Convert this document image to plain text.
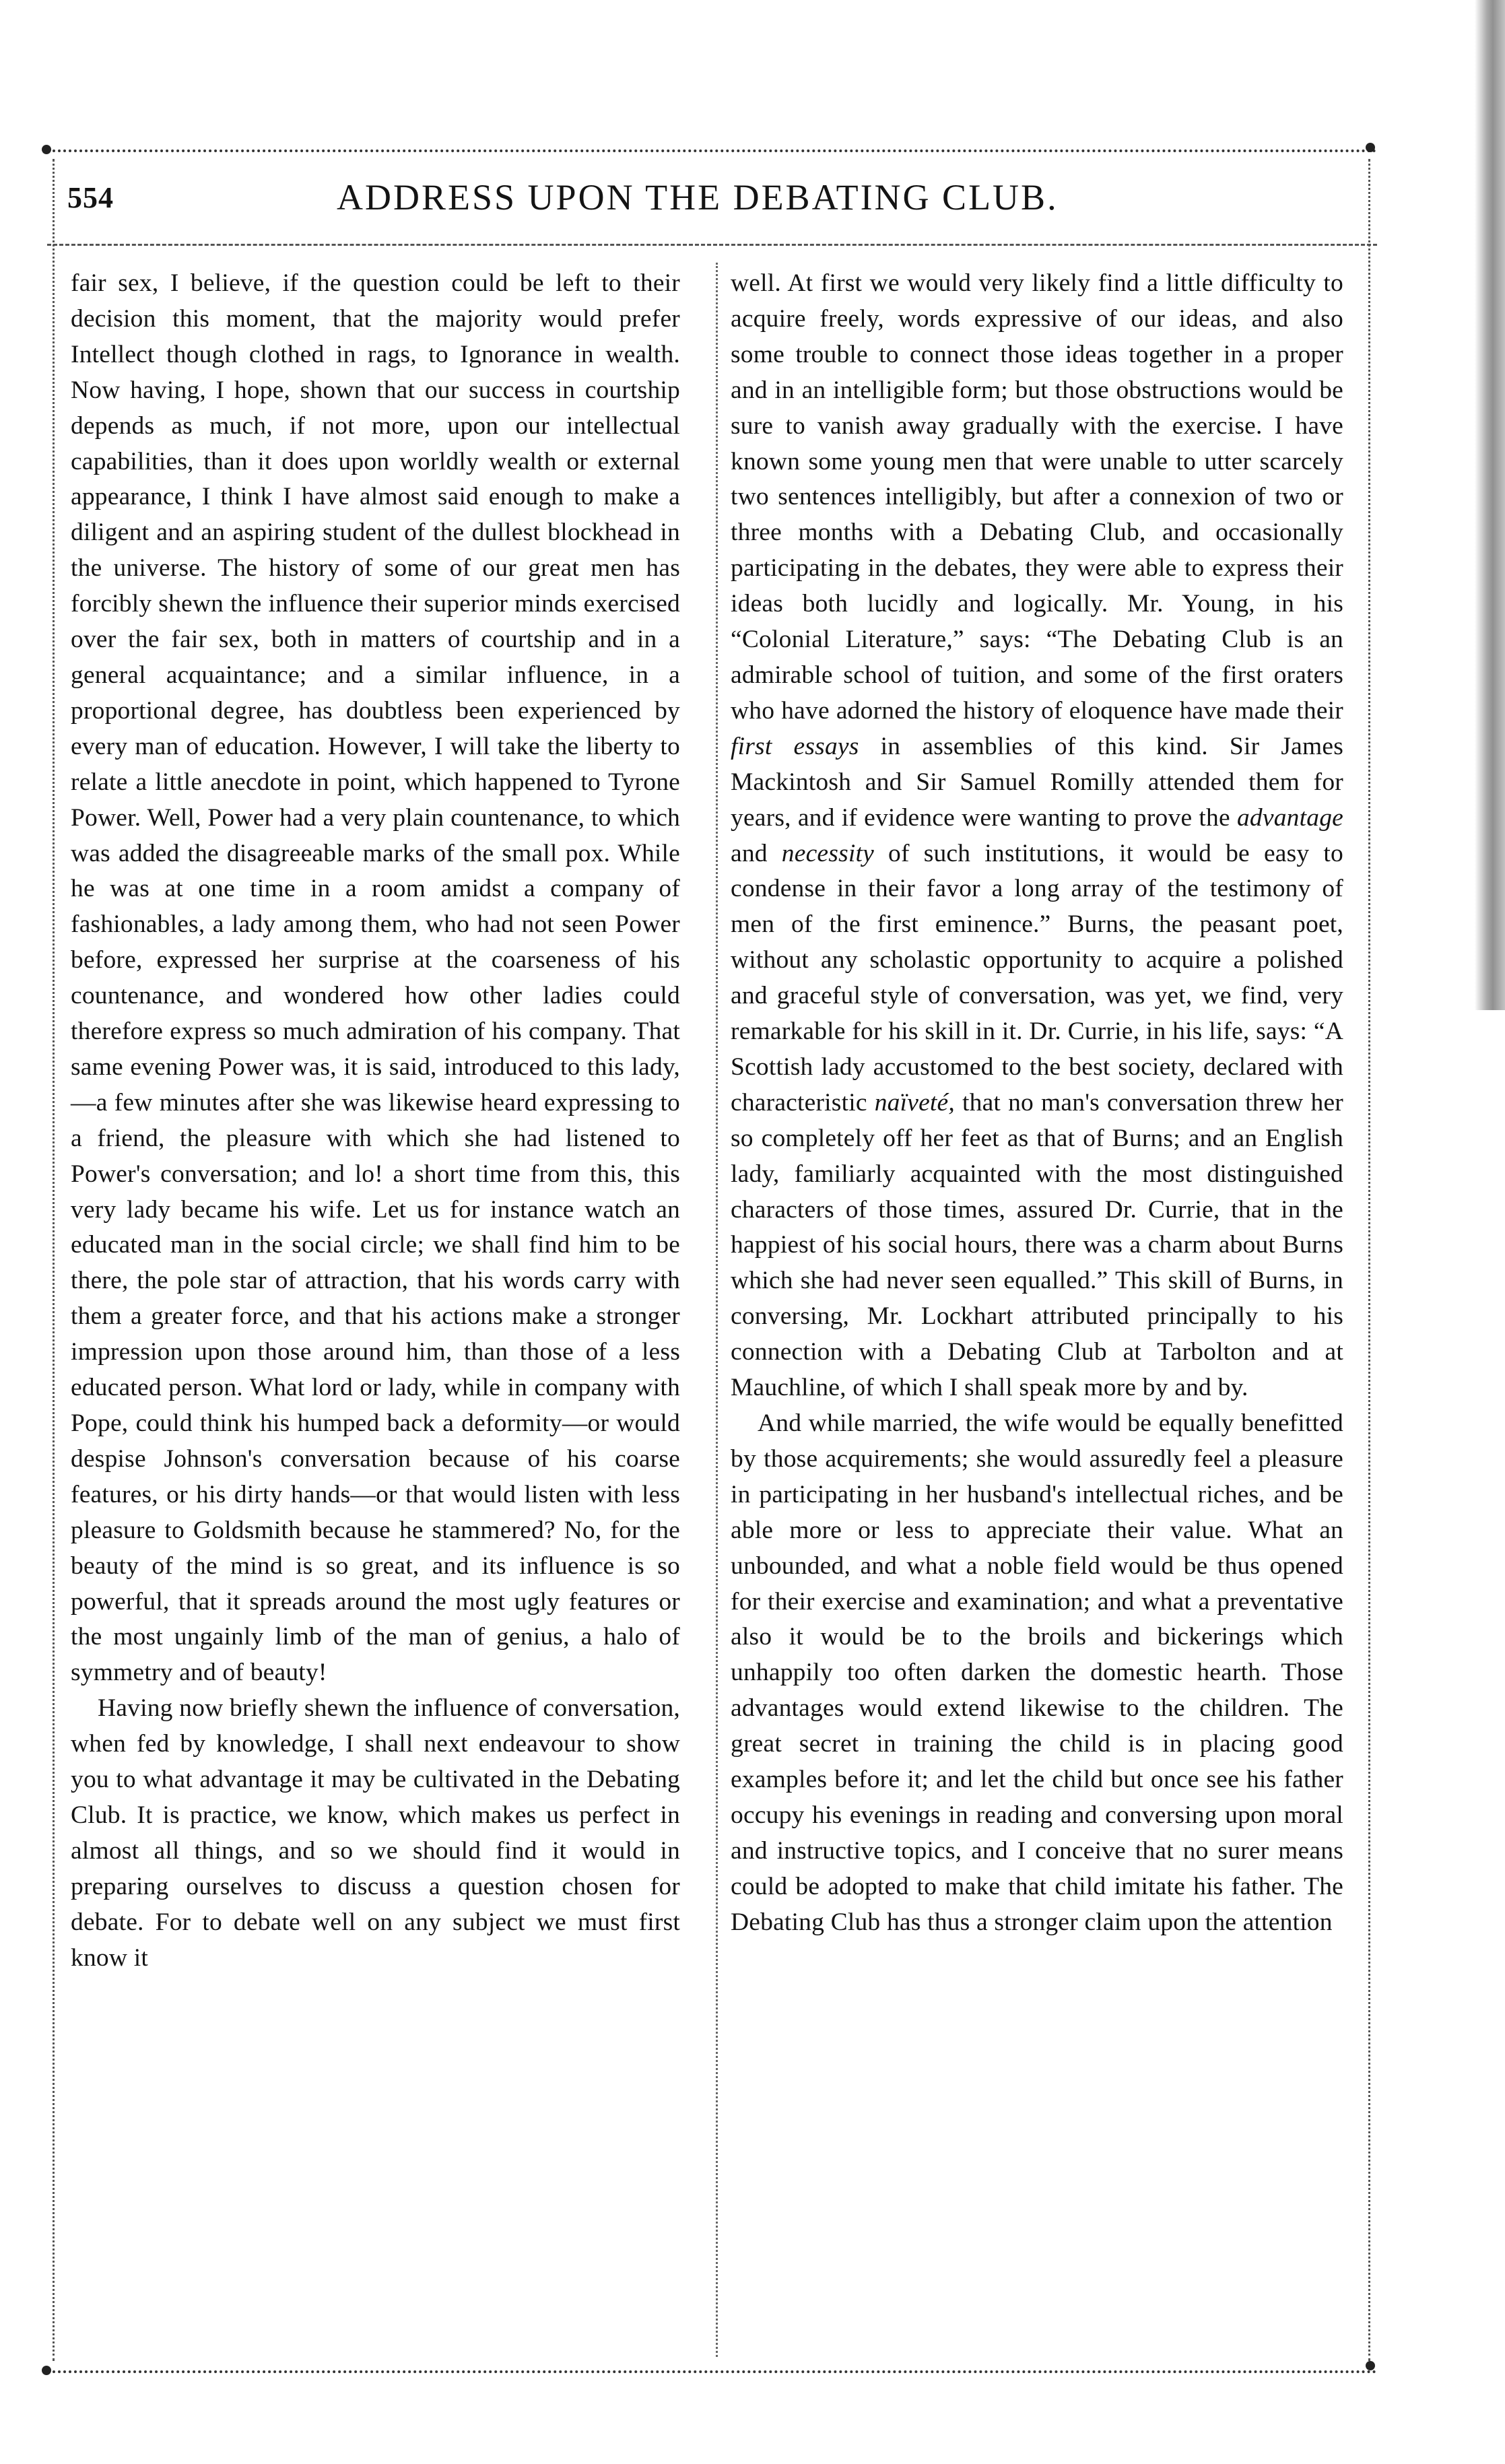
554	ADDRESS UPON THE DEBATING CLUB.

fair sex, I believe, if the question could be left to their decision this moment, that the majority would prefer Intellect though clothed in rags, to Ignorance in wealth. Now having, I hope, shown that our success in courtship depends as much, if not more, upon our intellectual capabilities, than it does upon worldly wealth or external appearance, I think I have almost said enough to make a diligent and an aspiring student of the dullest blockhead in the universe. The history of some of our great men has forcibly shewn the influence their superior minds exercised over the fair sex, both in matters of courtship and in a general acquaintance; and a similar influence, in a proportional degree, has doubtless been experienced by every man of education. However, I will take the liberty to relate a little anecdote in point, which happened to Tyrone Power. Well, Power had a very plain countenance, to which was added the disagreeable marks of the small pox. While he was at one time in a room amidst a company of fashionables, a lady among them, who had not seen Power before, expressed her surprise at the coarseness of his countenance, and wondered how other ladies could therefore express so much admiration of his company. That same evening Power was, it is said, introduced to this lady,—a few minutes after she was likewise heard expressing to a friend, the pleasure with which she had listened to Power's conversation; and lo! a short time from this, this very lady became his wife. Let us for instance watch an educated man in the social circle; we shall find him to be there, the pole star of attraction, that his words carry with them a greater force, and that his actions make a stronger impression upon those around him, than those of a less educated person. What lord or lady, while in company with Pope, could think his humped back a deformity—or would despise Johnson's conversation because of his coarse features, or his dirty hands—or that would listen with less pleasure to Goldsmith because he stammered? No, for the beauty of the mind is so great, and its influence is so powerful, that it spreads around the most ugly features or the most ungainly limb of the man of genius, a halo of symmetry and of beauty!

Having now briefly shewn the influence of conversation, when fed by knowledge, I shall next endeavour to show you to what advantage it may be cultivated in the Debating Club. It is practice, we know, which makes us perfect in almost all things, and so we should find it would in preparing ourselves to discuss a question chosen for debate. For to debate well on any subject we must first know it

well. At first we would very likely find a little difficulty to acquire freely, words expressive of our ideas, and also some trouble to connect those ideas together in a proper and in an intelligible form; but those obstructions would be sure to vanish away gradually with the exercise. I have known some young men that were unable to utter scarcely two sentences intelligibly, but after a connexion of two or three months with a Debating Club, and occasionally participating in the debates, they were able to express their ideas both lucidly and logically. Mr. Young, in his “Colonial Literature,” says: “The Debating Club is an admirable school of tuition, and some of the first oraters who have adorned the history of eloquence have made their first essays in assemblies of this kind. Sir James Mackintosh and Sir Samuel Romilly attended them for years, and if evidence were wanting to prove the advantage and necessity of such institutions, it would be easy to condense in their favor a long array of the testimony of men of the first eminence.” Burns, the peasant poet, without any scholastic opportunity to acquire a polished and graceful style of conversation, was yet, we find, very remarkable for his skill in it. Dr. Currie, in his life, says: “A Scottish lady accustomed to the best society, declared with characteristic naïveté, that no man's conversation threw her so completely off her feet as that of Burns; and an English lady, familiarly acquainted with the most distinguished characters of those times, assured Dr. Currie, that in the happiest of his social hours, there was a charm about Burns which she had never seen equalled.” This skill of Burns, in conversing, Mr. Lockhart attributed principally to his connection with a Debating Club at Tarbolton and at Mauchline, of which I shall speak more by and by.

And while married, the wife would be equally benefitted by those acquirements; she would assuredly feel a pleasure in participating in her husband's intellectual riches, and be able more or less to appreciate their value. What an unbounded, and what a noble field would be thus opened for their exercise and examination; and what a preventative also it would be to the broils and bickerings which unhappily too often darken the domestic hearth. Those advantages would extend likewise to the children. The great secret in training the child is in placing good examples before it; and let the child but once see his father occupy his evenings in reading and conversing upon moral and instructive topics, and I conceive that no surer means could be adopted to make that child imitate his father. The Debating Club has thus a stronger claim upon the attention
